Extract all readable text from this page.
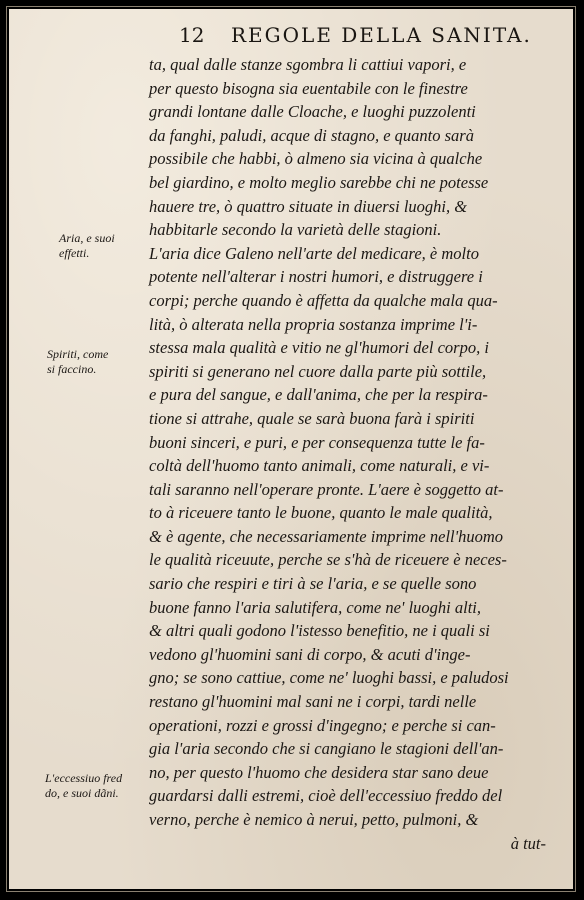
12 REGOLE DELLA SANITA.
Aria, e suoi
effetti.
Spiriti, come
si faccino.
L'eccessiuo fred
do, e suoi dãni.
ta, qual dalle stanze sgombra li cattiui vapori, e
per questo bisogna sia euentabile con le finestre
grandi lontane dalle Cloache, e luoghi puzzolenti
da fanghi, paludi, acque di stagno, e quanto sarà
possibile che habbi, ò almeno sia vicina à qualche
bel giardino, e molto meglio sarebbe chi ne potesse
hauere tre, ò quattro situate in diuersi luoghi, &
habbitarle secondo la varietà delle stagioni.
L'aria dice Galeno nell'arte del medicare, è molto
potente nell'alterar i nostri humori, e distruggere i
corpi; perche quando è affetta da qualche mala qua-
lità, ò alterata nella propria sostanza imprime l'i-
stessa mala qualità e vitio ne gl'humori del corpo, i
spiriti si generano nel cuore dalla parte più sottile,
e pura del sangue, e dall'anima, che per la respira-
tione si attrahe, quale se sarà buona farà i spiriti
buoni sinceri, e puri, e per consequenza tutte le fa-
coltà dell'huomo tanto animali, come naturali, e vi-
tali saranno nell'operare pronte. L'aere è soggetto at-
to à riceuere tanto le buone, quanto le male qualità,
& è agente, che necessariamente imprime nell'huomo
le qualità riceuute, perche se s'hà de riceuere è neces-
sario che respiri e tiri à se l'aria, e se quelle sono
buone fanno l'aria salutifera, come ne' luoghi alti,
& altri quali godono l'istesso benefitio, ne i quali si
vedono gl'huomini sani di corpo, & acuti d'inge-
gno; se sono cattiue, come ne' luoghi bassi, e paludosi
restano gl'huomini mal sani ne i corpi, tardi nelle
operationi, rozzi e grossi d'ingegno; e perche si can-
gia l'aria secondo che si cangiano le stagioni dell'an-
no, per questo l'huomo che desidera star sano deue
guardarsi dalli estremi, cioè dell'eccessiuo freddo del
verno, perche è nemico à nerui, petto, pulmoni, &
à tut-
